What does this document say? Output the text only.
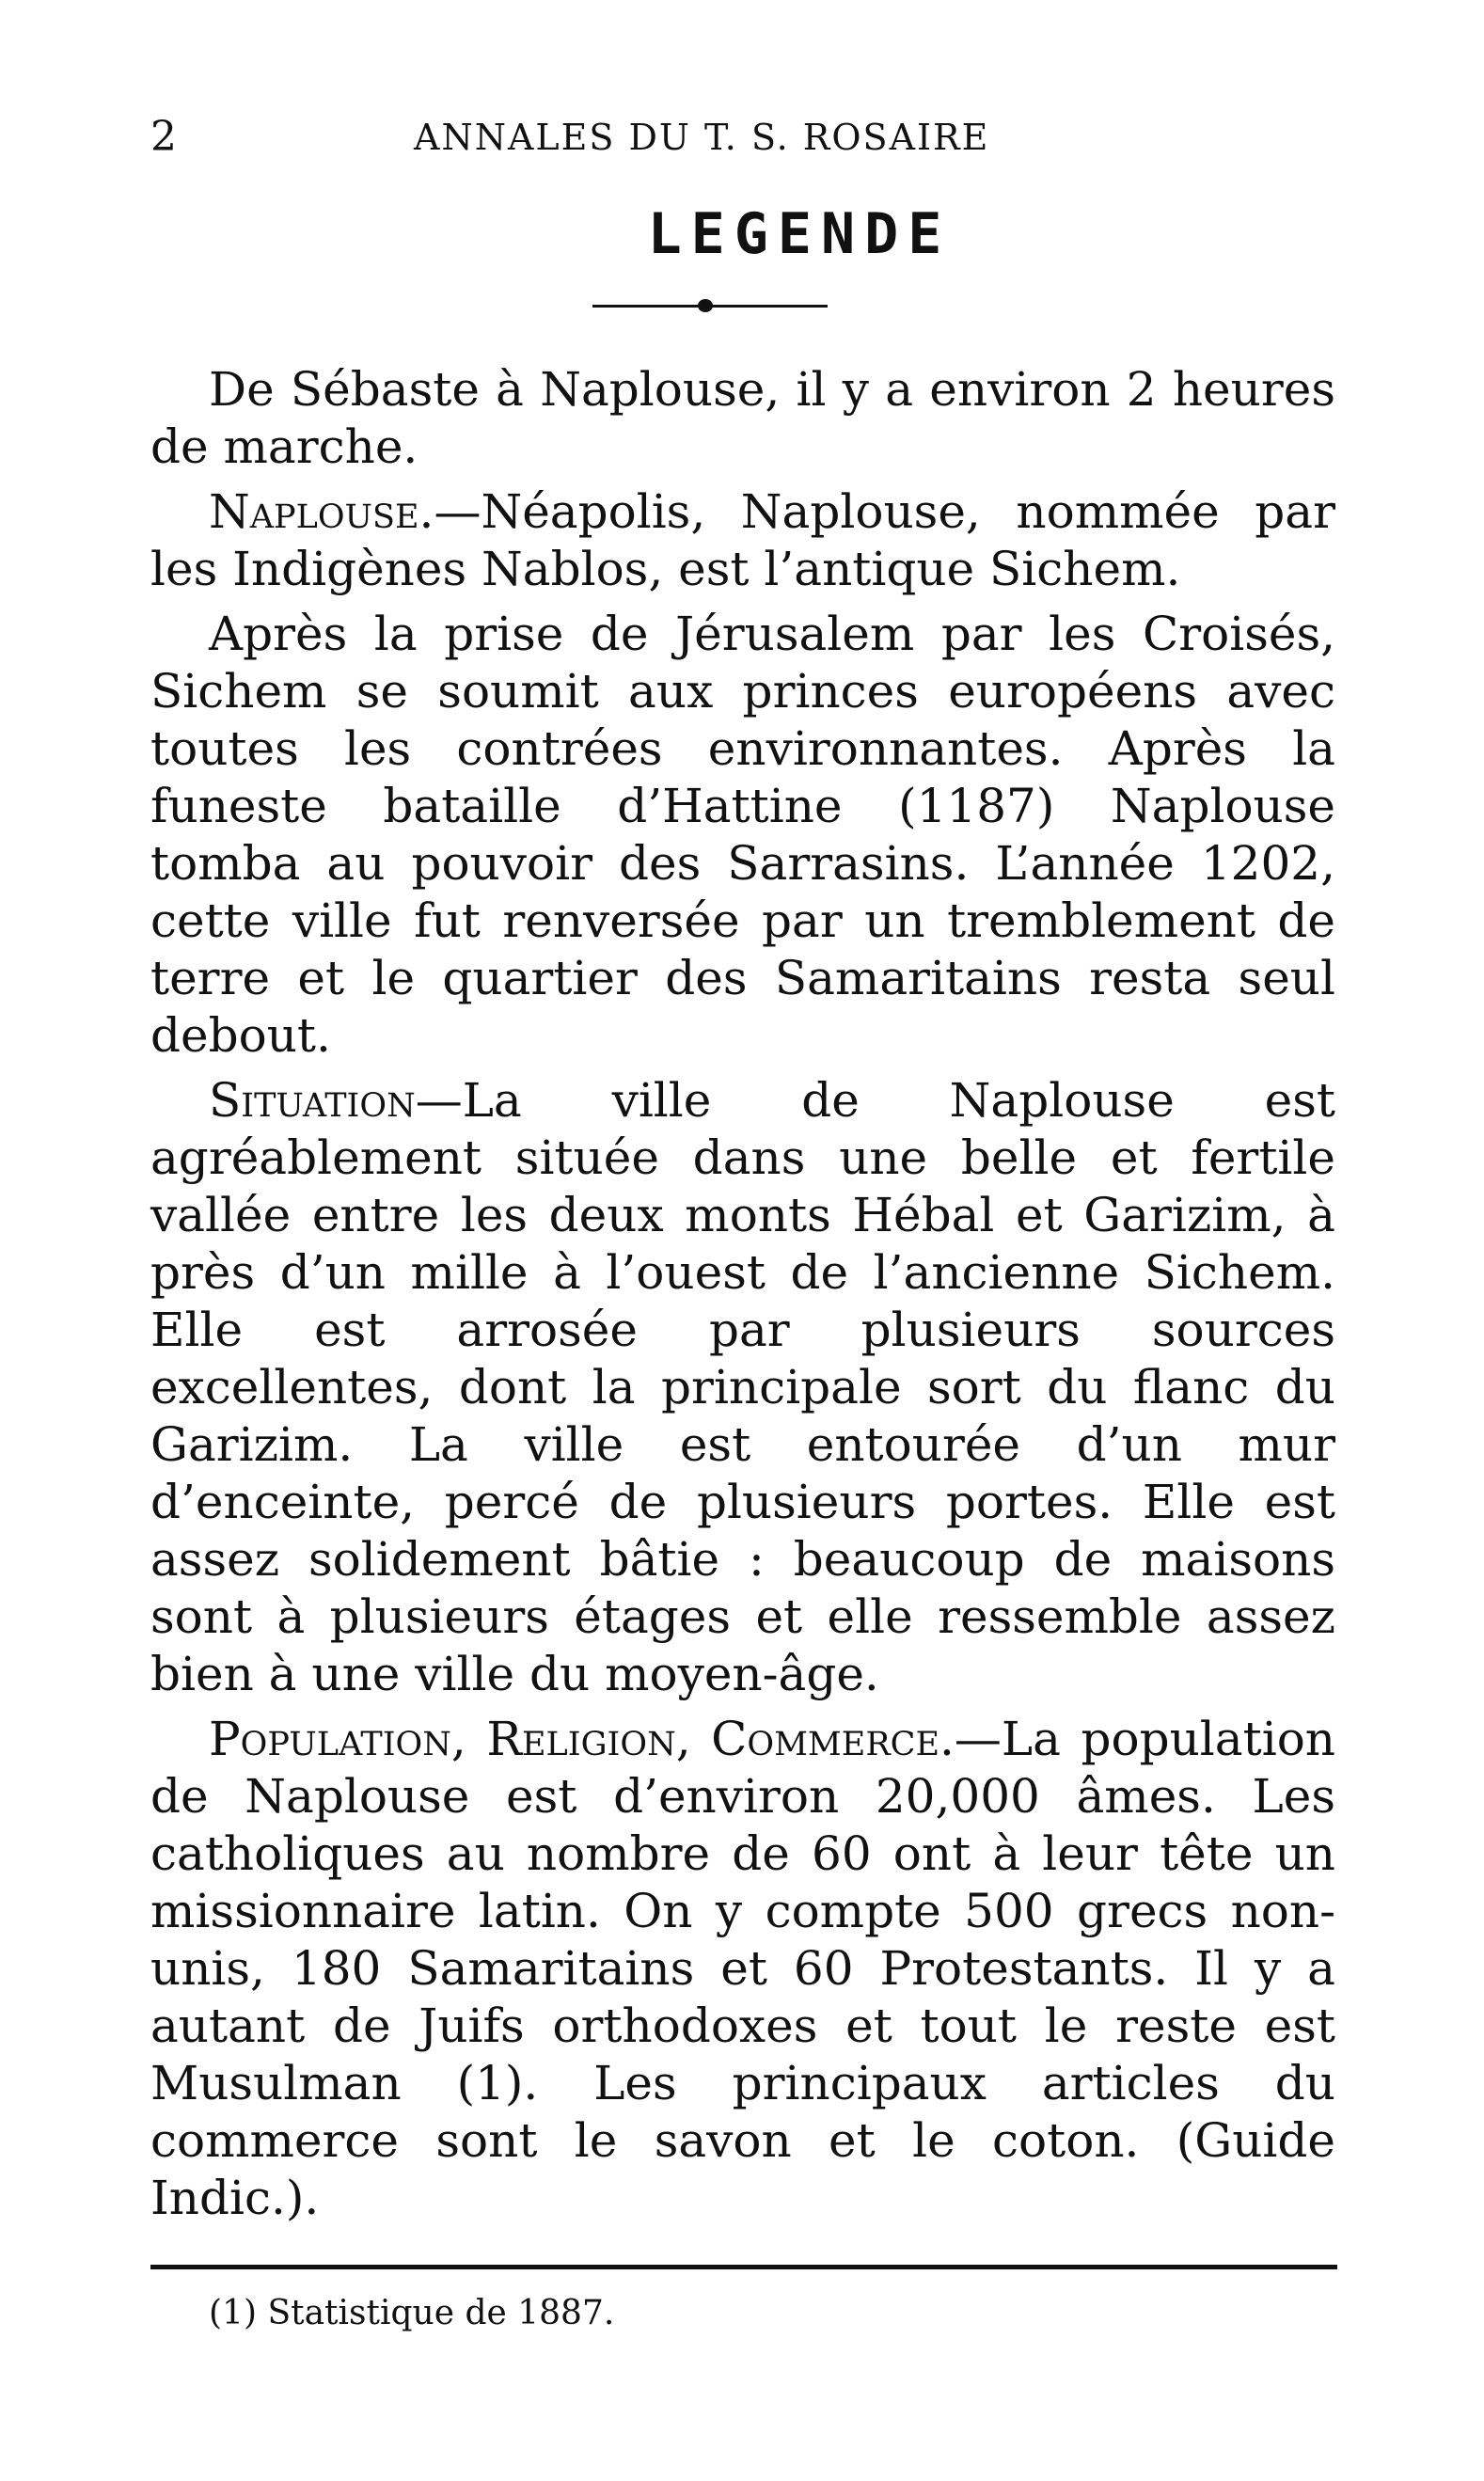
2	ANNALES DU T. S. ROSAIRE
LEGENDE

De Sébaste à Naplouse, il y a environ 2 heures de marche.

Naplouse.—Néapolis, Naplouse, nommée par les Indigènes Nablos, est l’antique Sichem.

Après la prise de Jérusalem par les Croisés, Sichem se soumit aux princes européens avec toutes les contrées environnantes. Après la funeste bataille d’Hattine (1187) Naplouse tomba au pouvoir des Sarrasins. L’année 1202, cette ville fut renversée par un tremblement de terre et le quartier des Samaritains resta seul debout.

Situation—La ville de Naplouse est agréablement située dans une belle et fertile vallée entre les deux monts Hébal et Garizim, à près d’un mille à l’ouest de l’ancienne Sichem. Elle est arrosée par plusieurs sources excellentes, dont la principale sort du flanc du Garizim. La ville est entourée d’un mur d’enceinte, percé de plusieurs portes. Elle est assez solidement bâtie : beaucoup de maisons sont à plusieurs étages et elle ressemble assez bien à une ville du moyen-âge.

Population, Religion, Commerce.—La population de Naplouse est d’environ 20,000 âmes. Les catholiques au nombre de 60 ont à leur tête un missionnaire latin. On y compte 500 grecs non-unis, 180 Samaritains et 60 Protestants. Il y a autant de Juifs orthodoxes et tout le reste est Musulman (1). Les principaux articles du commerce sont le savon et le coton. (Guide Indic.).

(1) Statistique de 1887.
